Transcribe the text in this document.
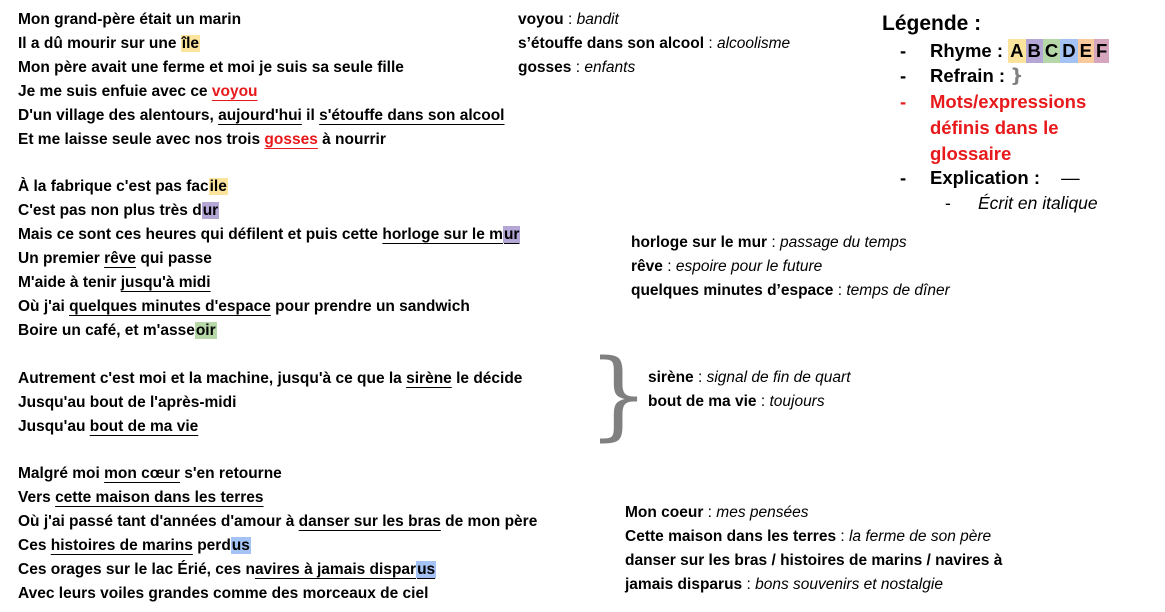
Mon grand-père était un marin
Il a dû mourir sur une île
Mon père avait une ferme et moi je suis sa seule fille
Je me suis enfuie avec ce voyou
D'un village des alentours, aujourd'hui il s'étouffe dans son alcool
Et me laisse seule avec nos trois gosses à nourrir
À la fabrique c'est pas facile
C'est pas non plus très dur
Mais ce sont ces heures qui défilent et puis cette horloge sur le mur
Un premier rêve qui passe
M'aide à tenir jusqu'à midi
Où j'ai quelques minutes d'espace pour prendre un sandwich
Boire un café, et m'asseoir
Autrement c'est moi et la machine, jusqu'à ce que la sirène le décide
Jusqu'au bout de l'après-midi
Jusqu'au bout de ma vie
Malgré moi mon cœur s'en retourne
Vers cette maison dans les terres
Où j'ai passé tant d'années d'amour à danser sur les bras de mon père
Ces histoires de marins perdus
Ces orages sur le lac Érié, ces navires à jamais disparus
Avec leurs voiles grandes comme des morceaux de ciel
}
voyou : bandit
s’étouffe dans son alcool : alcoolisme
gosses : enfants
horloge sur le mur : passage du temps
rêve : espoire pour le future
quelques minutes d’espace : temps de dîner
sirène : signal de fin de quart
bout de ma vie : toujours
Mon coeur : mes pensées
Cette maison dans les terres : la ferme de son père
danser sur les bras / histoires de marins / navires à
jamais disparus : bons souvenirs et nostalgie
Légende :
- Rhyme : A B C D E F
- Refrain : }
- Mots/expressions
définis dans le
glossaire
- Explication : —
- Écrit en italique
